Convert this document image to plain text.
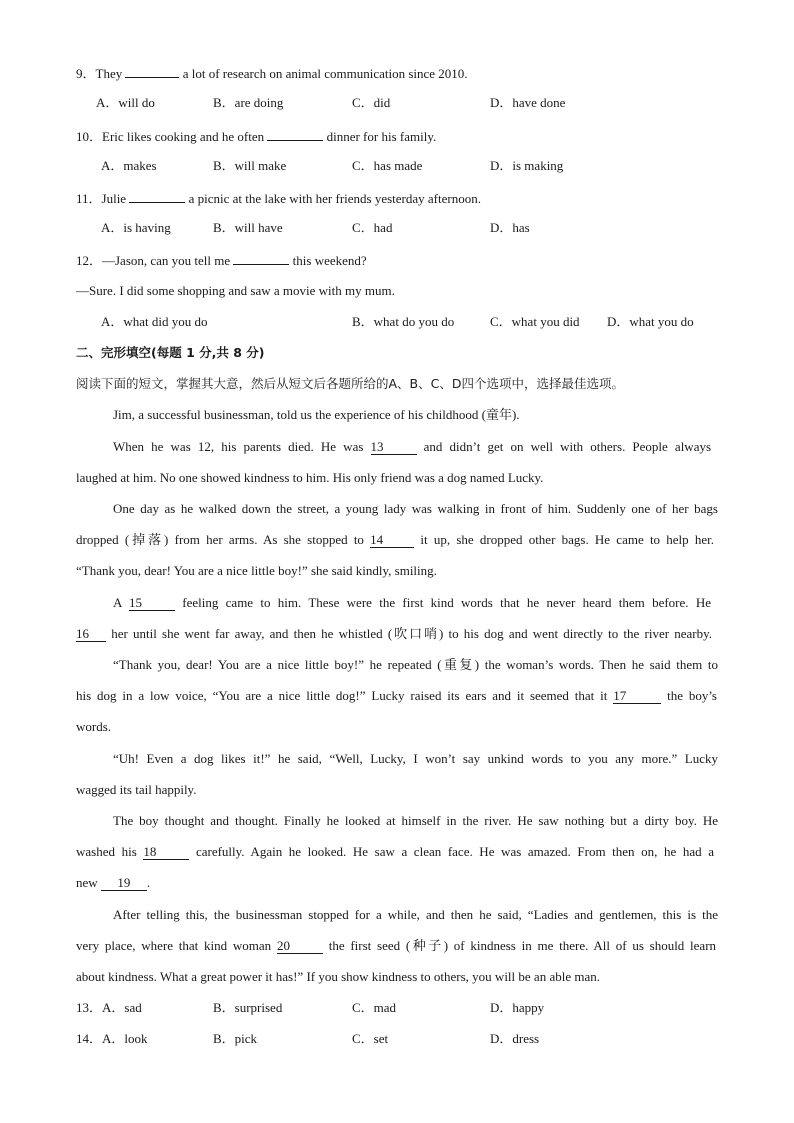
9．They	a lot of research on animal communication since 2010.
A．will do	B．are doing	C．did	D．have done
10．Eric likes cooking and he often	dinner for his family.
A．makes	B．will make	C．has made	D．is making
11．Julie	a picnic at the lake with her friends yesterday afternoon.
A．is having	B．will have	C．had	D．has
12．—Jason, can you tell me	this weekend?
—Sure. I did some shopping and saw a movie with my mum.
A．what did you do	B．what do you do	C．what you did D．what you do
二、完形填空(每题 1 分,共 8 分)
阅读下面的短文，掌握其大意，然后从短文后各题所给的A、B、C、D四个选项中，选择最佳选项。
Jim, a successful businessman, told us the experience of his childhood (童年).
When he was 12, his parents died. He was 13	and didn’t get on well with others. People always
laughed at him. No one showed kindness to him. His only friend was a dog named Lucky.
One day as he walked down the street, a young lady was walking in front of him. Suddenly one of her bags
dropped (掉落) from her arms. As she stopped to 14	it up, she dropped other bags. He came to help her.
“Thank you, dear! You are a nice little boy!” she said kindly, smiling.
A 15	feeling came to him. These were the first kind words that he never heard them before. He
16 her until she went far away, and then he whistled (吹口哨) to his dog and went directly to the river nearby.
“Thank you, dear! You are a nice little boy!” he repeated (重复) the woman’s words. Then he said them to
his dog in a low voice, “You are a nice little dog!” Lucky raised its ears and it seemed that it 17	the boy’s
words.
“Uh! Even a dog likes it!” he said, “Well, Lucky, I won’t say unkind words to you any more.” Lucky
wagged its tail happily.
The boy thought and thought. Finally he looked at himself in the river. He saw nothing but a dirty boy. He
washed his 18	carefully. Again he looked. He saw a clean face. He was amazed. From then on, he had a
new 19 .
After telling this, the businessman stopped for a while, and then he said, “Ladies and gentlemen, this is the
very place, where that kind woman 20	the first seed (种子) of kindness in me there. All of us should learn
about kindness. What a great power it has!” If you show kindness to others, you will be an able man.
13．A．sad	B．surprised	C．mad	D．happy
14．A．look	B．pick	C．set	D．dress
